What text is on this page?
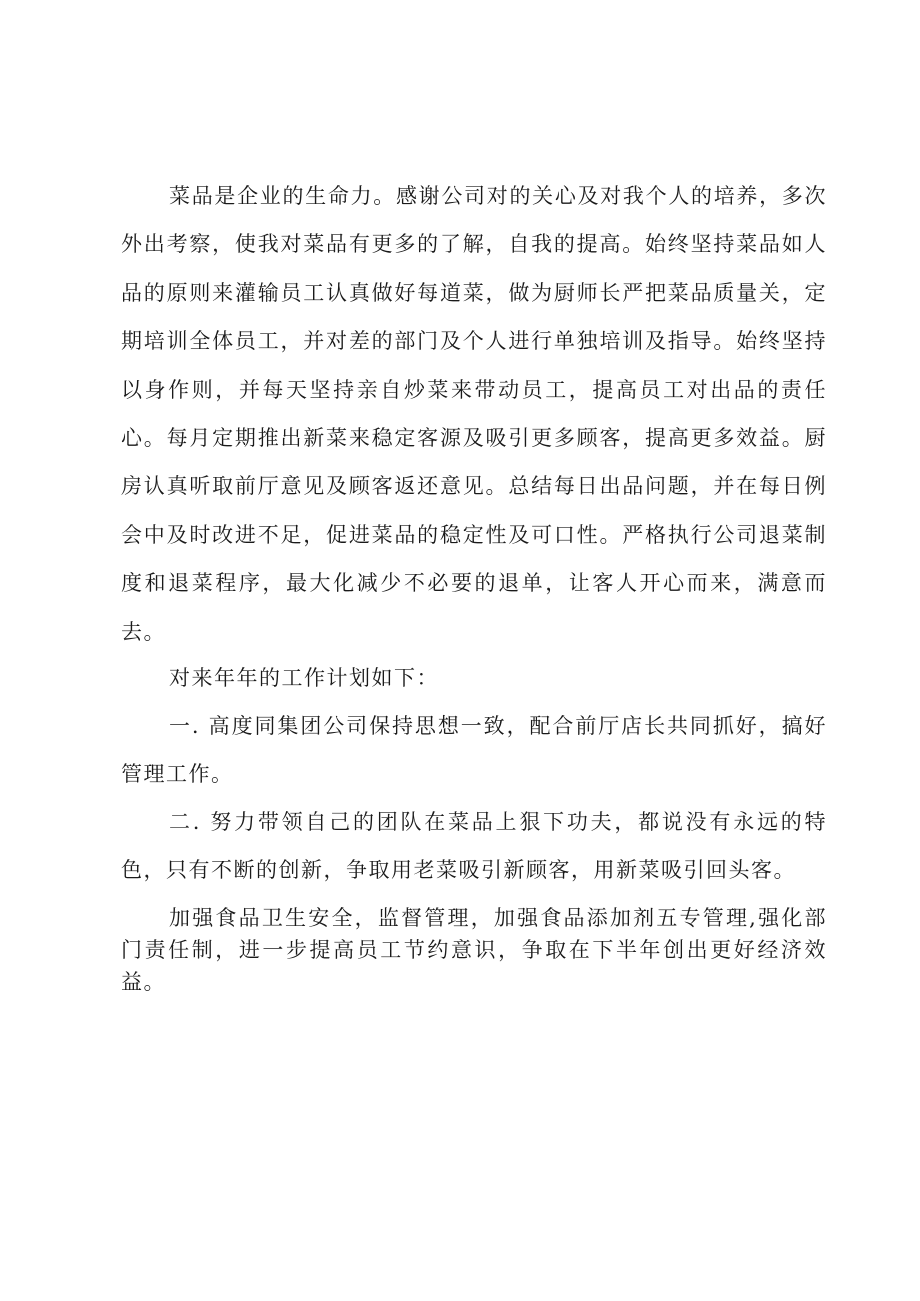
菜品是企业的生命力。感谢公司对的关心及对我个人的培养，多次外出考察，使我对菜品有更多的了解，自我的提高。始终坚持菜品如人品的原则来灌输员工认真做好每道菜，做为厨师长严把菜品质量关，定期培训全体员工，并对差的部门及个人进行单独培训及指导。始终坚持以身作则，并每天坚持亲自炒菜来带动员工，提高员工对出品的责任心。每月定期推出新菜来稳定客源及吸引更多顾客，提高更多效益。厨房认真听取前厅意见及顾客返还意见。总结每日出品问题，并在每日例会中及时改进不足，促进菜品的稳定性及可口性。严格执行公司退菜制度和退菜程序，最大化减少不必要的退单，让客人开心而来，满意而去。

对来年年的工作计划如下：

一. 高度同集团公司保持思想一致，配合前厅店长共同抓好，搞好管理工作。

二. 努力带领自己的团队在菜品上狠下功夫，都说没有永远的特色，只有不断的创新，争取用老菜吸引新顾客，用新菜吸引回头客。

加强食品卫生安全，监督管理，加强食品添加剂五专管理,强化部门责任制，进一步提高员工节约意识，争取在下半年创出更好经济效益。
